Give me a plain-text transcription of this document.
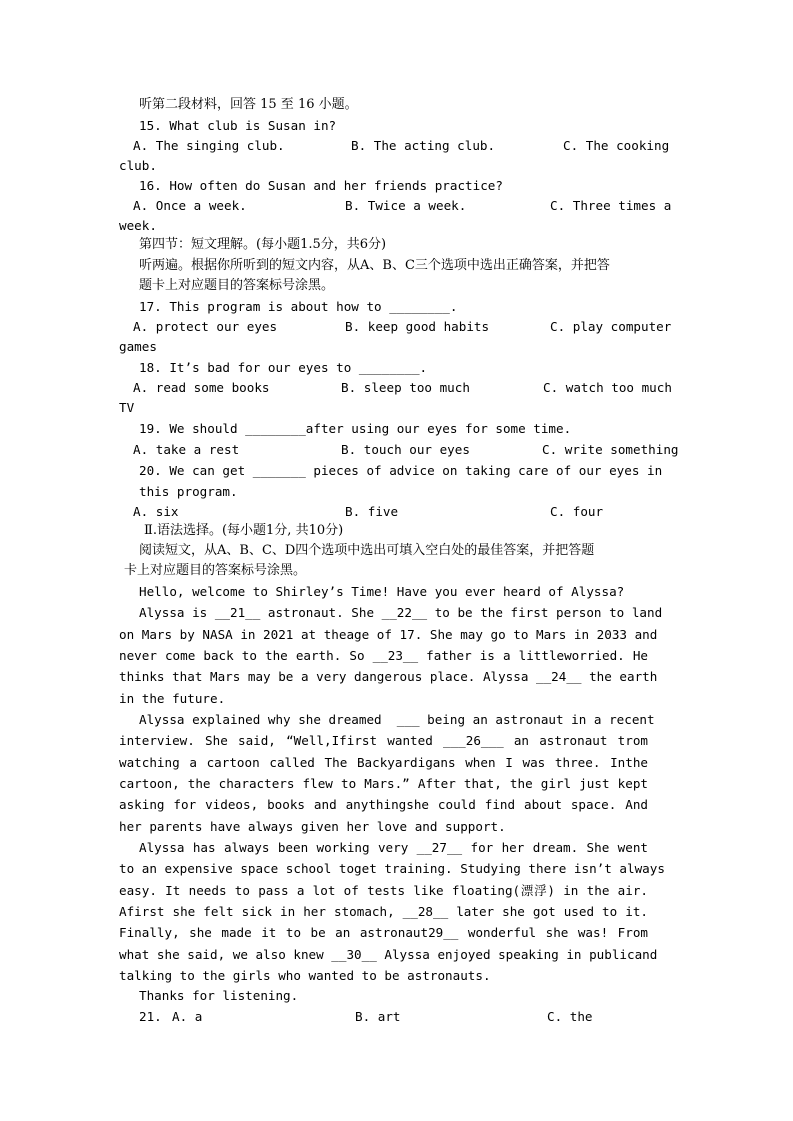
听第二段材料，回答 15 至 16 小题。
15. What club is Susan in?
A. The singing club.	B. The acting club.	C. The cooking
club.
16. How often do Susan and her friends practice?
A. Once a week.	B. Twice a week.	C. Three times a
week.
第四节：短文理解。(每小题1.5分，共6分)
听两遍。根据你所听到的短文内容，从A、B、C三个选项中选出正确答案，并把答
题卡上对应题目的答案标号涂黑。
17. This program is about how to ________.
A. protect our eyes	B. keep good habits	C. play computer
games
18. It’s bad for our eyes to ________.
A. read some books	B. sleep too much	C. watch too much
TV
19. We should ________after using our eyes for some time.
A. take a rest	B. touch our eyes	C. write something
20. We can get _______ pieces of advice on taking care of our eyes in
this program.
A. six	B. five	C. four
Ⅱ.语法选择。(每小题1分, 共10分)
阅读短文，从A、B、C、D四个选项中选出可填入空白处的最佳答案，并把答题
卡上对应题目的答案标号涂黑。
Hello, welcome to Shirley’s Time! Have you ever heard of Alyssa?
Alyssa is __21__ astronaut. She __22__ to be the first person to land
on Mars by NASA in 2021 at theage of 17. She may go to Mars in 2033 and
never come back to the earth. So __23__ father is a littleworried. He
thinks that Mars may be a very dangerous place. Alyssa __24__ the earth
in the future.
Alyssa explained why she dreamed  ___ being an astronaut in a recent
interview. She said, “Well,Ifirst wanted ___26___ an astronaut trom
watching a cartoon called The Backyardigans when I was three. Inthe
cartoon, the characters flew to Mars.” After that, the girl just kept
asking for videos, books and anythingshe could find about space. And
her parents have always given her love and support.
Alyssa has always been working very __27__ for her dream. She went
to an expensive space school toget training. Studying there isn’t always
easy. It needs to pass a lot of tests like floating(漂浮) in the air.
Afirst she felt sick in her stomach, __28__ later she got used to it.
Finally, she made it to be an astronaut29__ wonderful she was! From
what she said, we also knew __30__ Alyssa enjoyed speaking in publicand
talking to the girls who wanted to be astronauts.
Thanks for listening.
21. A. a	B. art	C. the
